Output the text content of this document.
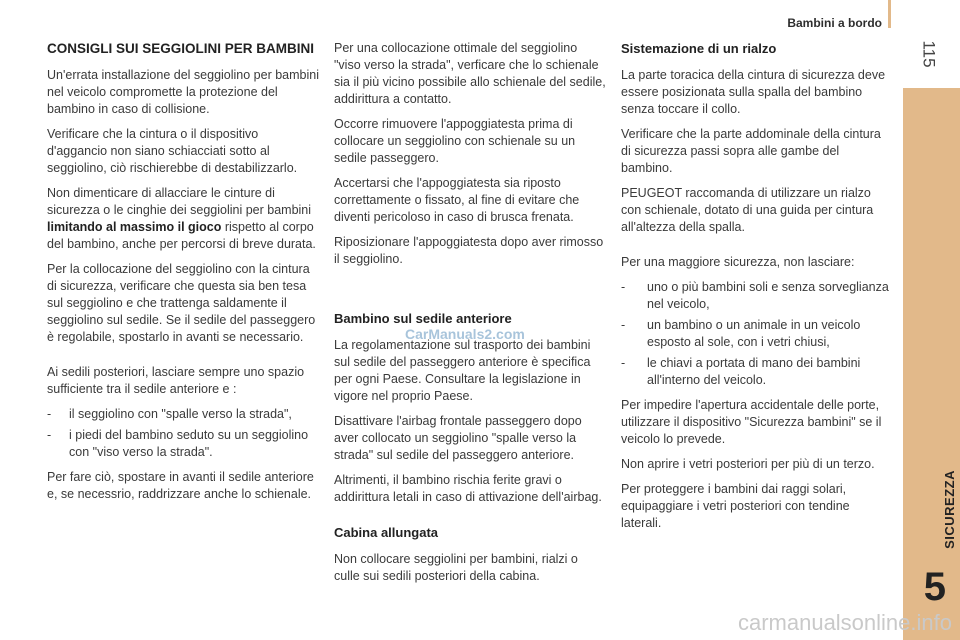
Bambini a bordo
115
SICUREZZA
5
CONSIGLI SUI SEGGIOLINI PER BAMBINI

Un'errata installazione del seggiolino per bambini nel veicolo compromette la protezione del bambino in caso di collisione.

Verificare che la cintura o il dispositivo d'aggancio non siano schiacciati sotto al seggiolino, ciò rischierebbe di destabilizzarlo.

Non dimenticare di allacciare le cinture di sicurezza o le cinghie dei seggiolini per bambini limitando al massimo il gioco rispetto al corpo del bambino, anche per percorsi di breve durata.

Per la collocazione del seggiolino con la cintura di sicurezza, verificare che questa sia ben tesa sul seggiolino e che trattenga saldamente il seggiolino sul sedile. Se il sedile del passeggero è regolabile, spostarlo in avanti se necessario.

Ai sedili posteriori, lasciare sempre uno spazio sufficiente tra il sedile anteriore e :

- il seggiolino con "spalle verso la strada",
- i piedi del bambino seduto su un seggiolino con "viso verso la strada".

Per fare ciò, spostare in avanti il sedile anteriore e, se necessrio, raddrizzare anche lo schienale.

Per una collocazione ottimale del seggiolino "viso verso la strada", verficare che lo schienale sia il più vicino possibile allo schienale del sedile, addirittura a contatto.

Occorre rimuovere l'appoggiatesta prima di collocare un seggiolino con schienale su un sedile passeggero.

Accertarsi che l'appoggiatesta sia riposto correttamente o fissato, al fine di evitare che diventi pericoloso in caso di brusca frenata.

Riposizionare l'appoggiatesta dopo aver rimosso il seggiolino.

Bambino sul sedile anteriore

La regolamentazione sul trasporto dei bambini sul sedile del passeggero anteriore è specifica per ogni Paese. Consultare la legislazione in vigore nel proprio Paese.

Disattivare l'airbag frontale passeggero dopo aver collocato un seggiolino "spalle verso la strada" sul sedile del passeggero anteriore.

Altrimenti, il bambino rischia ferite gravi o addirittura letali in caso di attivazione dell'airbag.

Cabina allungata

Non collocare seggiolini per bambini, rialzi o culle sui sedili posteriori della cabina.

Sistemazione di un rialzo

La parte toracica della cintura di sicurezza deve essere posizionata sulla spalla del bambino senza toccare il collo.

Verificare che la parte addominale della cintura di sicurezza passi sopra alle gambe del bambino.

PEUGEOT raccomanda di utilizzare un rialzo con schienale, dotato di una guida per cintura all'altezza della spalla.

Per una maggiore sicurezza, non lasciare:

- uno o più bambini soli e senza sorveglianza nel veicolo,
- un bambino o un animale in un veicolo esposto al sole, con i vetri chiusi,
- le chiavi a portata di mano dei bambini all'interno del veicolo.

Per impedire l'apertura accidentale delle porte, utilizzare il dispositivo "Sicurezza bambini" se il veicolo lo prevede.

Non aprire i vetri posteriori per più di un terzo.

Per proteggere i bambini dai raggi solari, equipaggiare i vetri posteriori con tendine laterali.

CarManuals2.com
carmanualsonline.info
